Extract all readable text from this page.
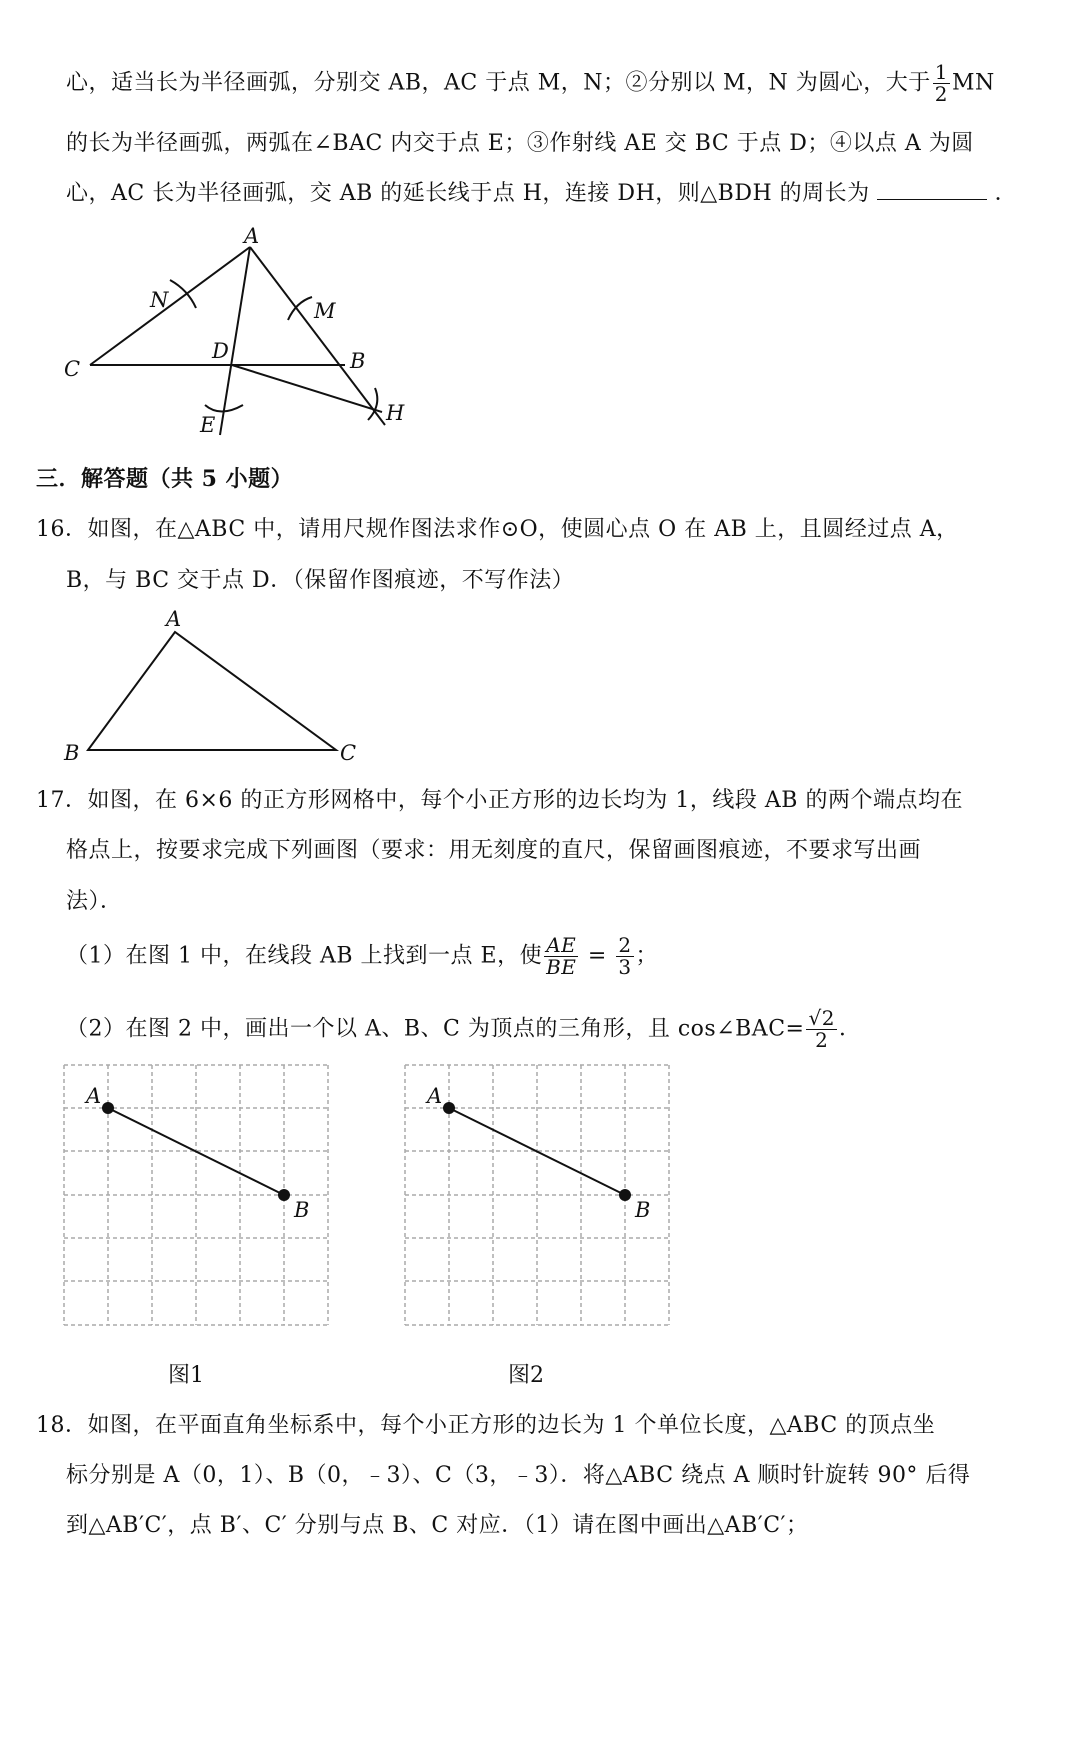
心，适当长为半径画弧，分别交 AB，AC 于点 M，N；②分别以 M，N 为圆心，大于 $\frac{1}{2}$ MN
的长为半径画弧，两弧在∠BAC 内交于点 E；③作射线 AE 交 BC 于点 D；④以点 A 为圆
心，AC 长为半径画弧，交 AB 的延长线于点 H，连接 DH，则△BDH 的周长为	．
A
N	M
C
D	B
E	H
三．解答题（共 5 小题）
16．如图，在△ABC 中，请用尺规作图法求作⊙O，使圆心点 O 在 AB 上，且圆经过点 A，
B，与 BC 交于点 D．（保留作图痕迹，不写作法）
A
B	C
17．如图，在 6×6 的正方形网格中，每个小正方形的边长均为 1，线段 AB 的两个端点均在
格点上，按要求完成下列画图（要求：用无刻度的直尺，保留画图痕迹，不要求写出画
法）．
（1）在图 1 中，在线段 AB 上找到一点 E，使 $\frac{AE}{BE} = \frac{2}{3}$ ；
（2）在图 2 中，画出一个以 A、B、C 为顶点的三角形，且 cos∠BAC= $\frac{√2}{2}$ ．
A
B
图1
A
B
图2
18．如图，在平面直角坐标系中，每个小正方形的边长为 1 个单位长度，△ABC 的顶点坐
标分别是 A（0，1）、B（0，﹣3）、C（3，﹣3）．将△ABC 绕点 A 顺时针旋转 90° 后得
到△AB′C′，点 B′、C′ 分别与点 B、C 对应．（1）请在图中画出△AB′C′；
